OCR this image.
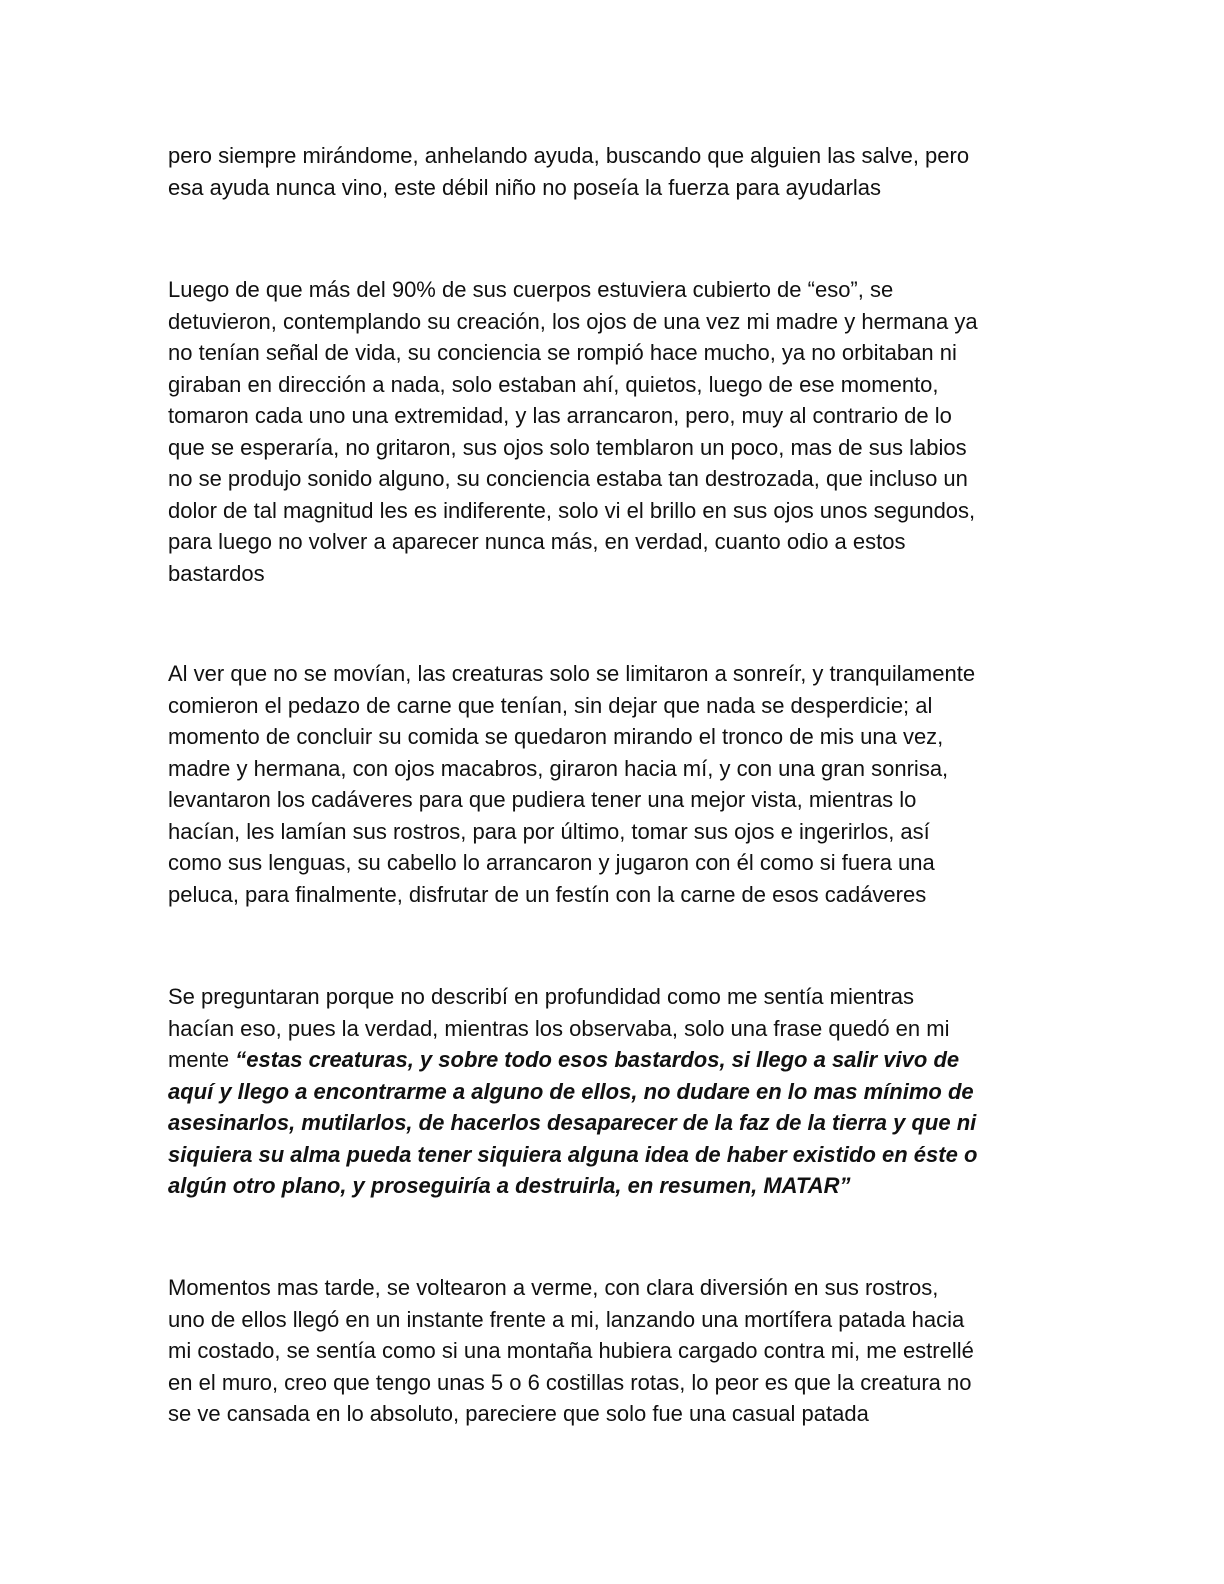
pero siempre mirándome, anhelando ayuda, buscando que alguien las salve, pero
esa ayuda nunca vino, este débil niño no poseía la fuerza para ayudarlas

Luego de que más del 90% de sus cuerpos estuviera cubierto de “eso”, se
detuvieron, contemplando su creación, los ojos de una vez mi madre y hermana ya
no tenían señal de vida, su conciencia se rompió hace mucho, ya no orbitaban ni
giraban en dirección a nada, solo estaban ahí, quietos, luego de ese momento,
tomaron cada uno una extremidad, y las arrancaron, pero, muy al contrario de lo
que se esperaría, no gritaron, sus ojos solo temblaron un poco, mas de sus labios
no se produjo sonido alguno, su conciencia estaba tan destrozada, que incluso un
dolor de tal magnitud les es indiferente, solo vi el brillo en sus ojos unos segundos,
para luego no volver a aparecer nunca más, en verdad, cuanto odio a estos
bastardos

Al ver que no se movían, las creaturas solo se limitaron a sonreír, y tranquilamente
comieron el pedazo de carne que tenían, sin dejar que nada se desperdicie; al
momento de concluir su comida se quedaron mirando el tronco de mis una vez,
madre y hermana, con ojos macabros, giraron hacia mí, y con una gran sonrisa,
levantaron los cadáveres para que pudiera tener una mejor vista, mientras lo
hacían, les lamían sus rostros, para por último, tomar sus ojos e ingerirlos, así
como sus lenguas, su cabello lo arrancaron y jugaron con él como si fuera una
peluca, para finalmente, disfrutar de un festín con la carne de esos cadáveres

Se preguntaran porque no describí en profundidad como me sentía mientras
hacían eso, pues la verdad, mientras los observaba, solo una frase quedó en mi
mente “estas creaturas, y sobre todo esos bastardos, si llego a salir vivo de
aquí y llego a encontrarme a alguno de ellos, no dudare en lo mas mínimo de
asesinarlos, mutilarlos, de hacerlos desaparecer de la faz de la tierra y que ni
siquiera su alma pueda tener siquiera alguna idea de haber existido en éste o
algún otro plano, y proseguiría a destruirla, en resumen, MATAR”

Momentos mas tarde, se voltearon a verme, con clara diversión en sus rostros,
uno de ellos llegó en un instante frente a mi, lanzando una mortífera patada hacia
mi costado, se sentía como si una montaña hubiera cargado contra mi, me estrellé
en el muro, creo que tengo unas 5 o 6 costillas rotas, lo peor es que la creatura no
se ve cansada en lo absoluto, pareciere que solo fue una casual patada
